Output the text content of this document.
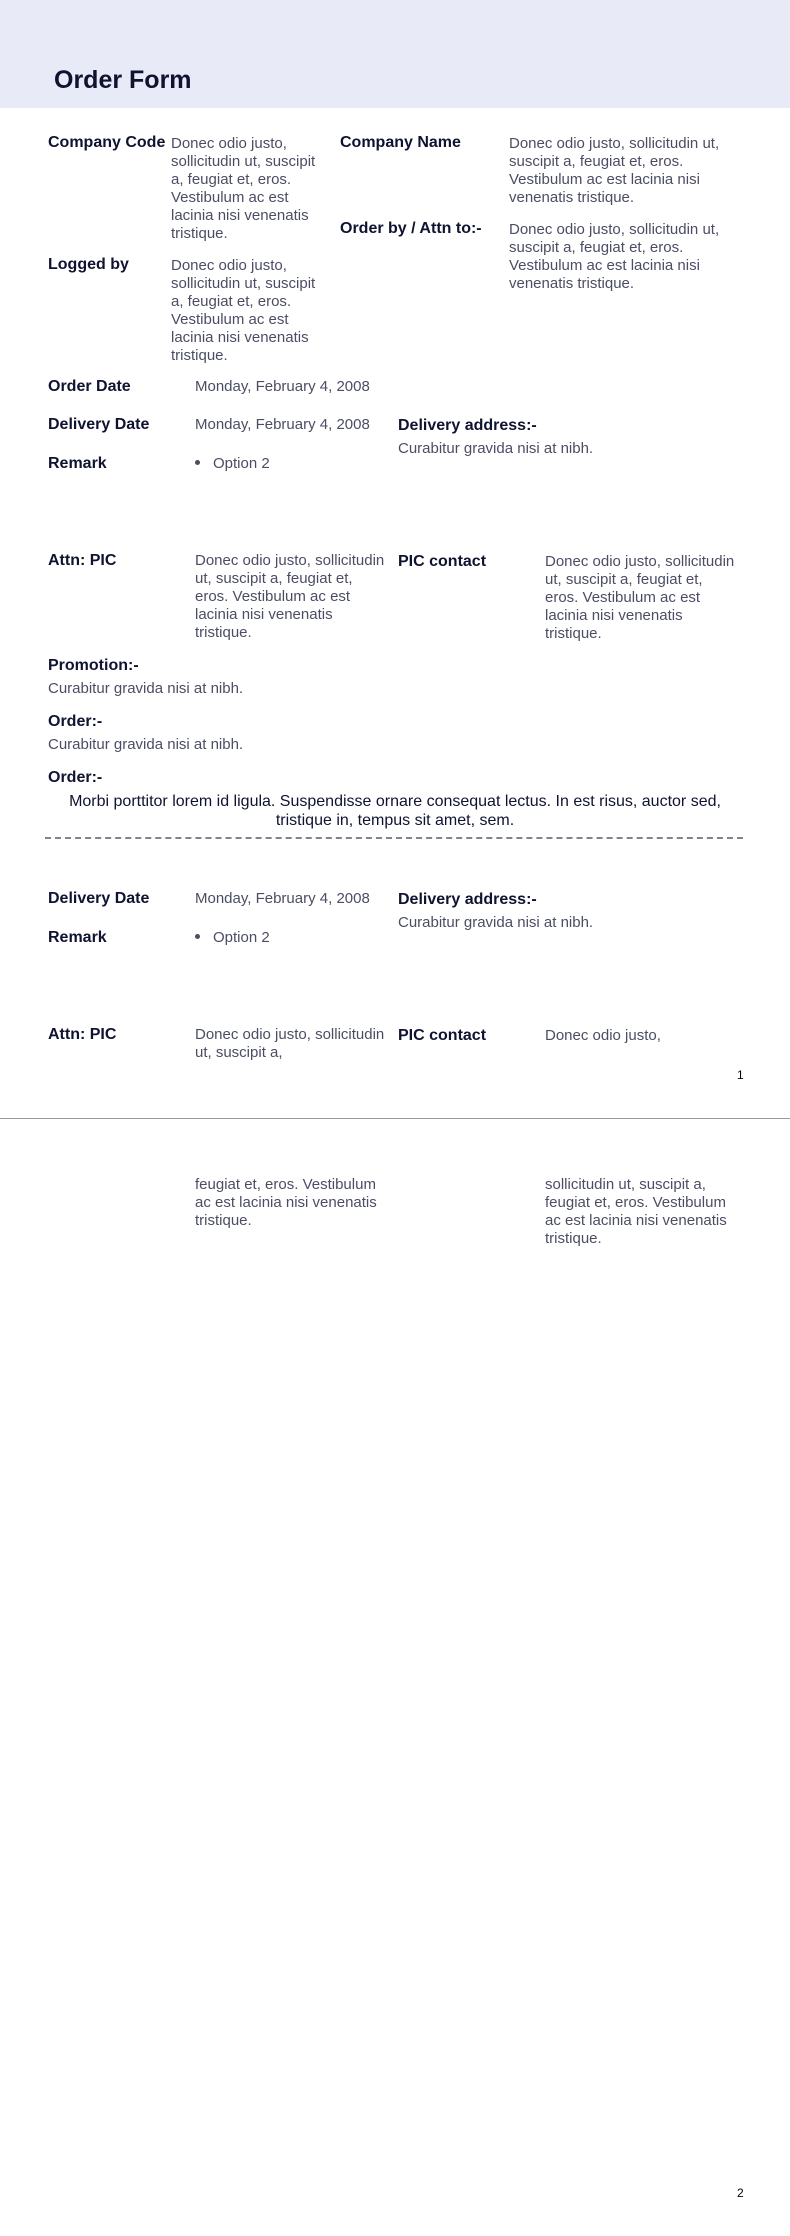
Order Form
Company Code Donec odio justo, sollicitudin ut, suscipit a, feugiat et, eros. Vestibulum ac est lacinia nisi venenatis tristique.
Company Name	Donec odio justo, sollicitudin ut, suscipit a, feugiat et, eros. Vestibulum ac est lacinia nisi venenatis tristique.
Order by / Attn to:- Donec odio justo, sollicitudin ut, suscipit a, feugiat et, eros. Vestibulum ac est lacinia nisi venenatis tristique.
Logged by	Donec odio justo, sollicitudin ut, suscipit a, feugiat et, eros. Vestibulum ac est lacinia nisi venenatis tristique.
Order Date	Monday, February 4, 2008
Delivery Date	Monday, February 4, 2008 Delivery address:-
Curabitur gravida nisi at nibh.
Remark	Option 2
Attn: PIC	Donec odio justo, sollicitudin ut, suscipit a, feugiat et, eros. Vestibulum ac est lacinia nisi venenatis tristique.
PIC contact	Donec odio justo, sollicitudin ut, suscipit a, feugiat et, eros. Vestibulum ac est lacinia nisi venenatis tristique.
Promotion:-
Curabitur gravida nisi at nibh.
Order:-
Curabitur gravida nisi at nibh.
Order:-
Morbi porttitor lorem id ligula. Suspendisse ornare consequat lectus. In est risus, auctor sed, tristique in, tempus sit amet, sem.
Delivery Date	Monday, February 4, 2008 Delivery address:-
Curabitur gravida nisi at nibh.
Remark	Option 2
Attn: PIC	Donec odio justo, sollicitudin ut, suscipit a,
PIC contact	Donec odio justo,
1
feugiat et, eros. Vestibulum ac est lacinia nisi venenatis tristique.
sollicitudin ut, suscipit a, feugiat et, eros. Vestibulum ac est lacinia nisi venenatis tristique.
2
